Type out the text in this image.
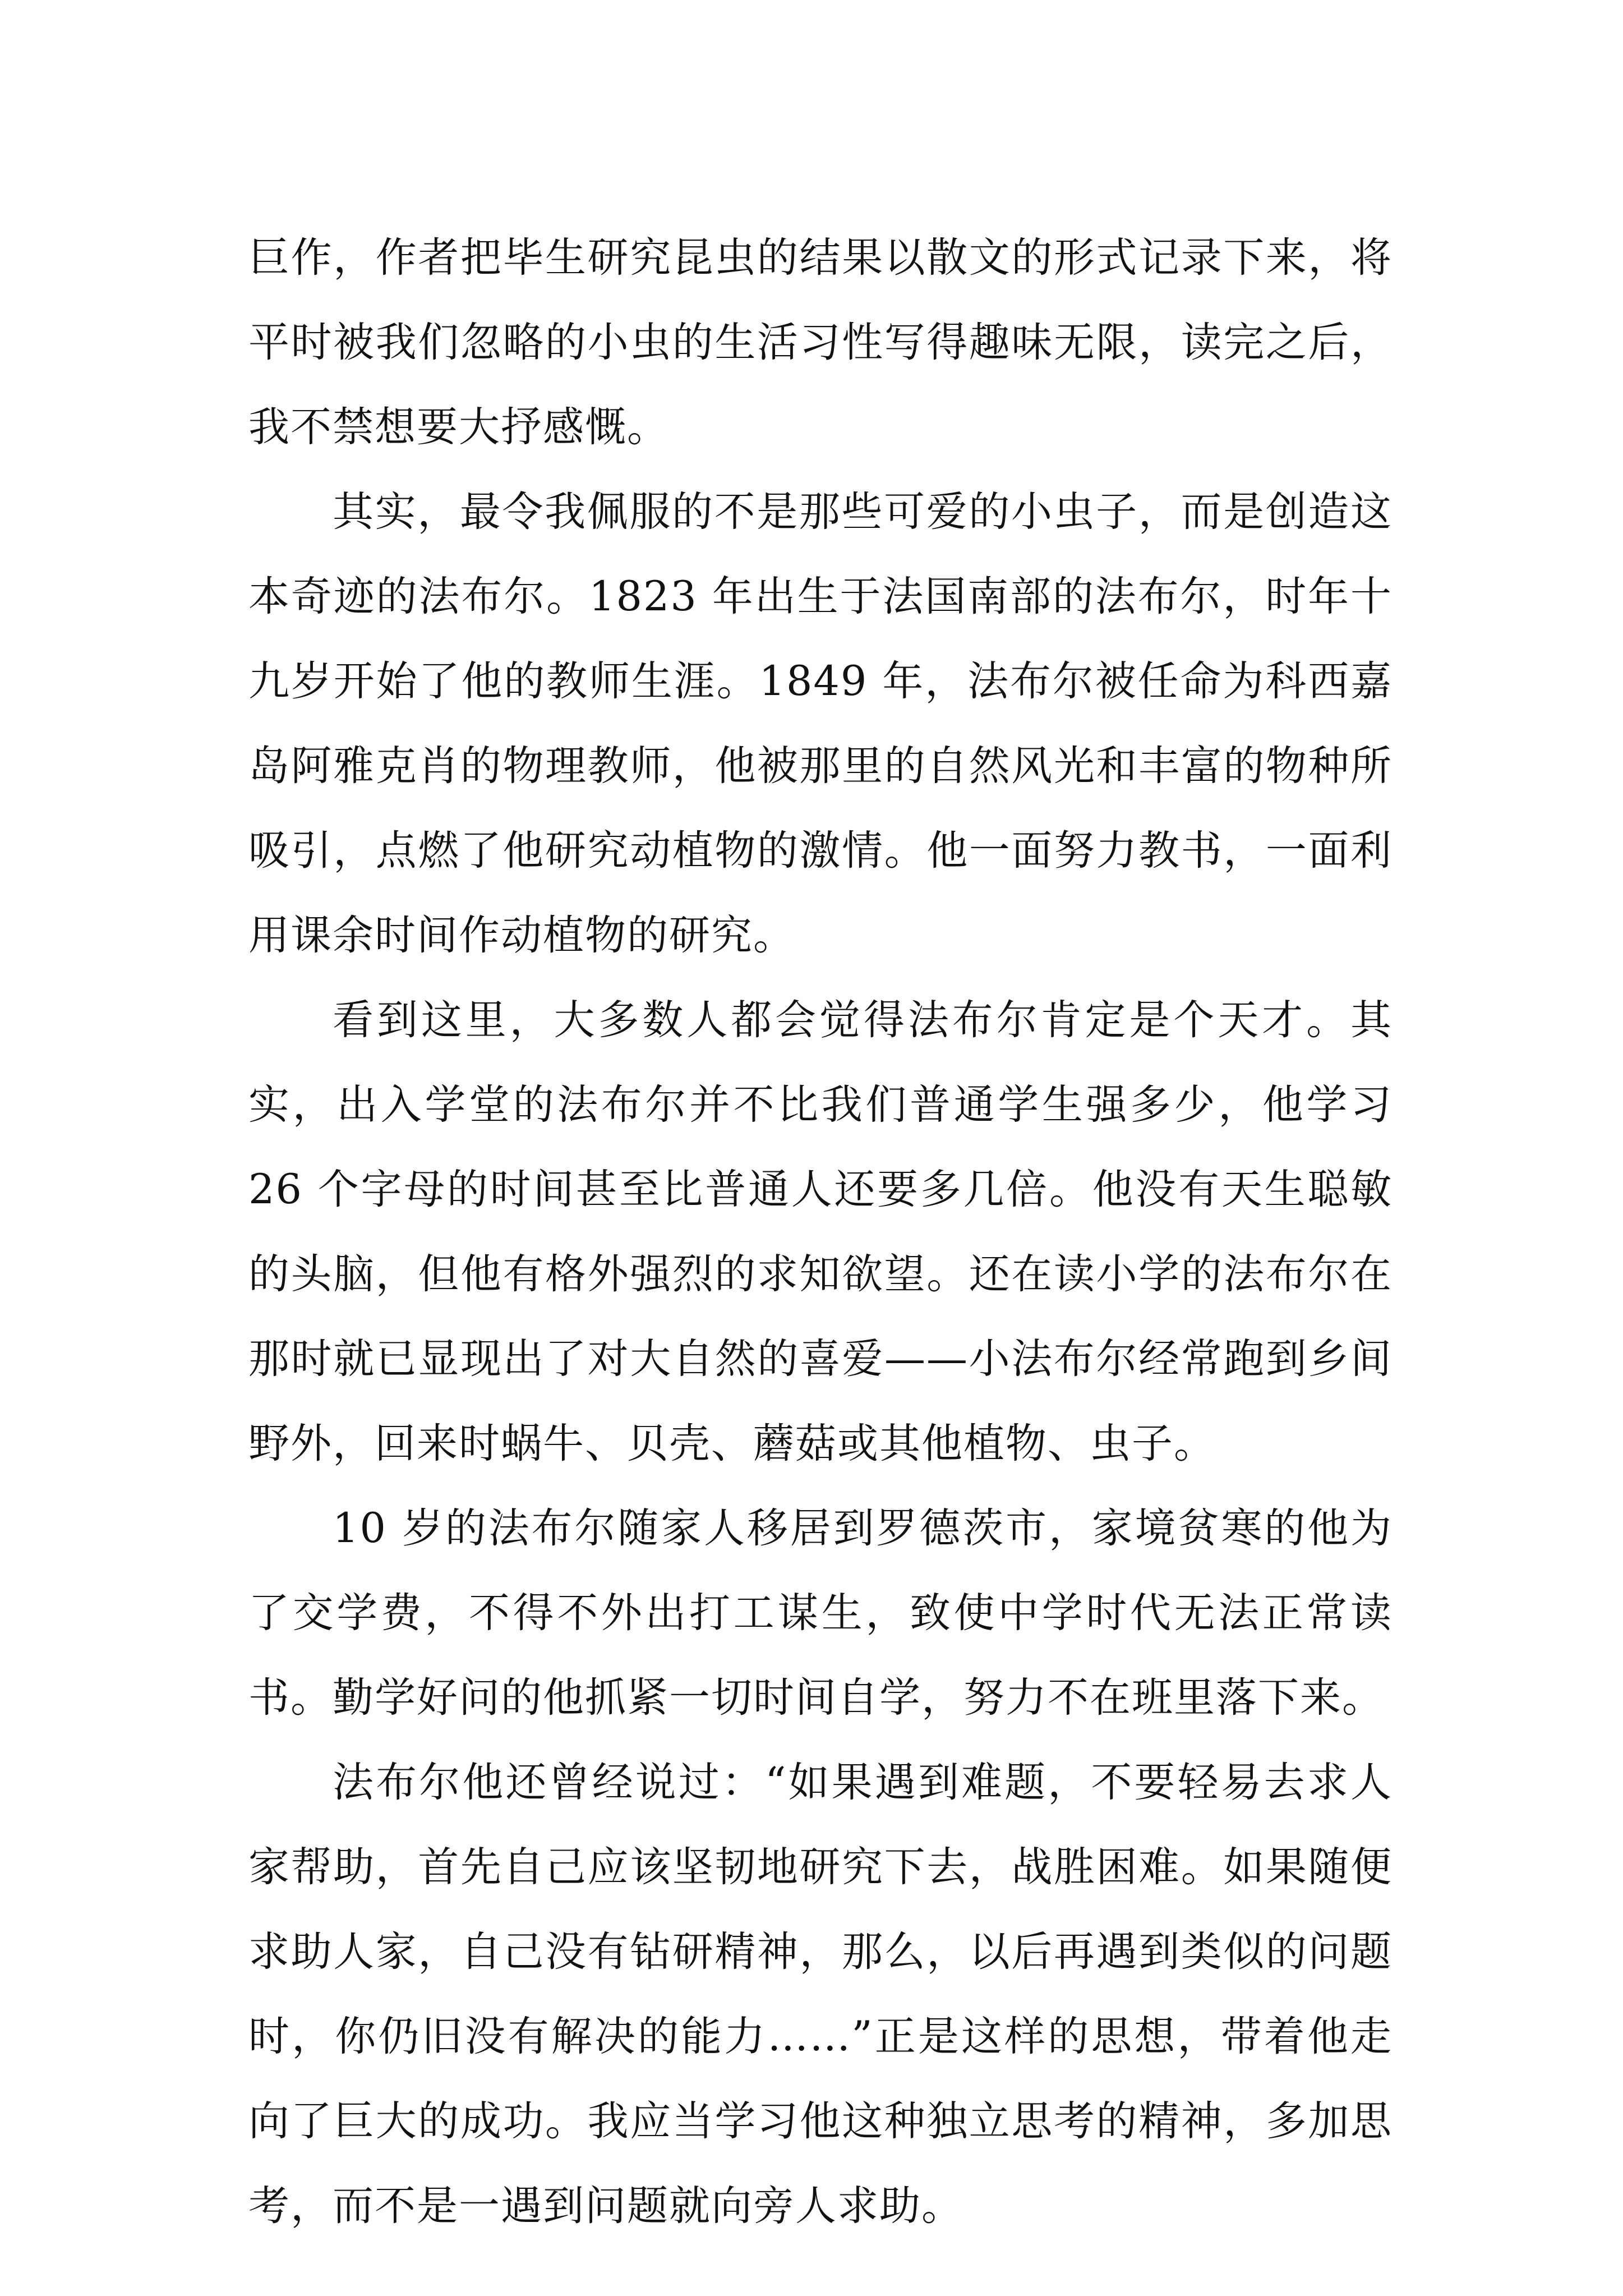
巨作，作者把毕生研究昆虫的结果以散文的形式记录下来，将平时被我们忽略的小虫的生活习性写得趣味无限，读完之后，我不禁想要大抒感慨。

其实，最令我佩服的不是那些可爱的小虫子，而是创造这本奇迹的法布尔。1823 年出生于法国南部的法布尔，时年十九岁开始了他的教师生涯。1849 年，法布尔被任命为科西嘉岛阿雅克肖的物理教师，他被那里的自然风光和丰富的物种所吸引，点燃了他研究动植物的激情。他一面努力教书，一面利用课余时间作动植物的研究。

看到这里，大多数人都会觉得法布尔肯定是个天才。其实，出入学堂的法布尔并不比我们普通学生强多少，他学习26 个字母的时间甚至比普通人还要多几倍。他没有天生聪敏的头脑，但他有格外强烈的求知欲望。还在读小学的法布尔在那时就已显现出了对大自然的喜爱——小法布尔经常跑到乡间野外，回来时蜗牛、贝壳、蘑菇或其他植物、虫子。

10 岁的法布尔随家人移居到罗德茨市，家境贫寒的他为了交学费，不得不外出打工谋生，致使中学时代无法正常读书。勤学好问的他抓紧一切时间自学，努力不在班里落下来。

法布尔他还曾经说过：“如果遇到难题，不要轻易去求人家帮助，首先自己应该坚韧地研究下去，战胜困难。如果随便求助人家，自己没有钻研精神，那么，以后再遇到类似的问题时，你仍旧没有解决的能力……”正是这样的思想，带着他走向了巨大的成功。我应当学习他这种独立思考的精神，多加思考，而不是一遇到问题就向旁人求助。
